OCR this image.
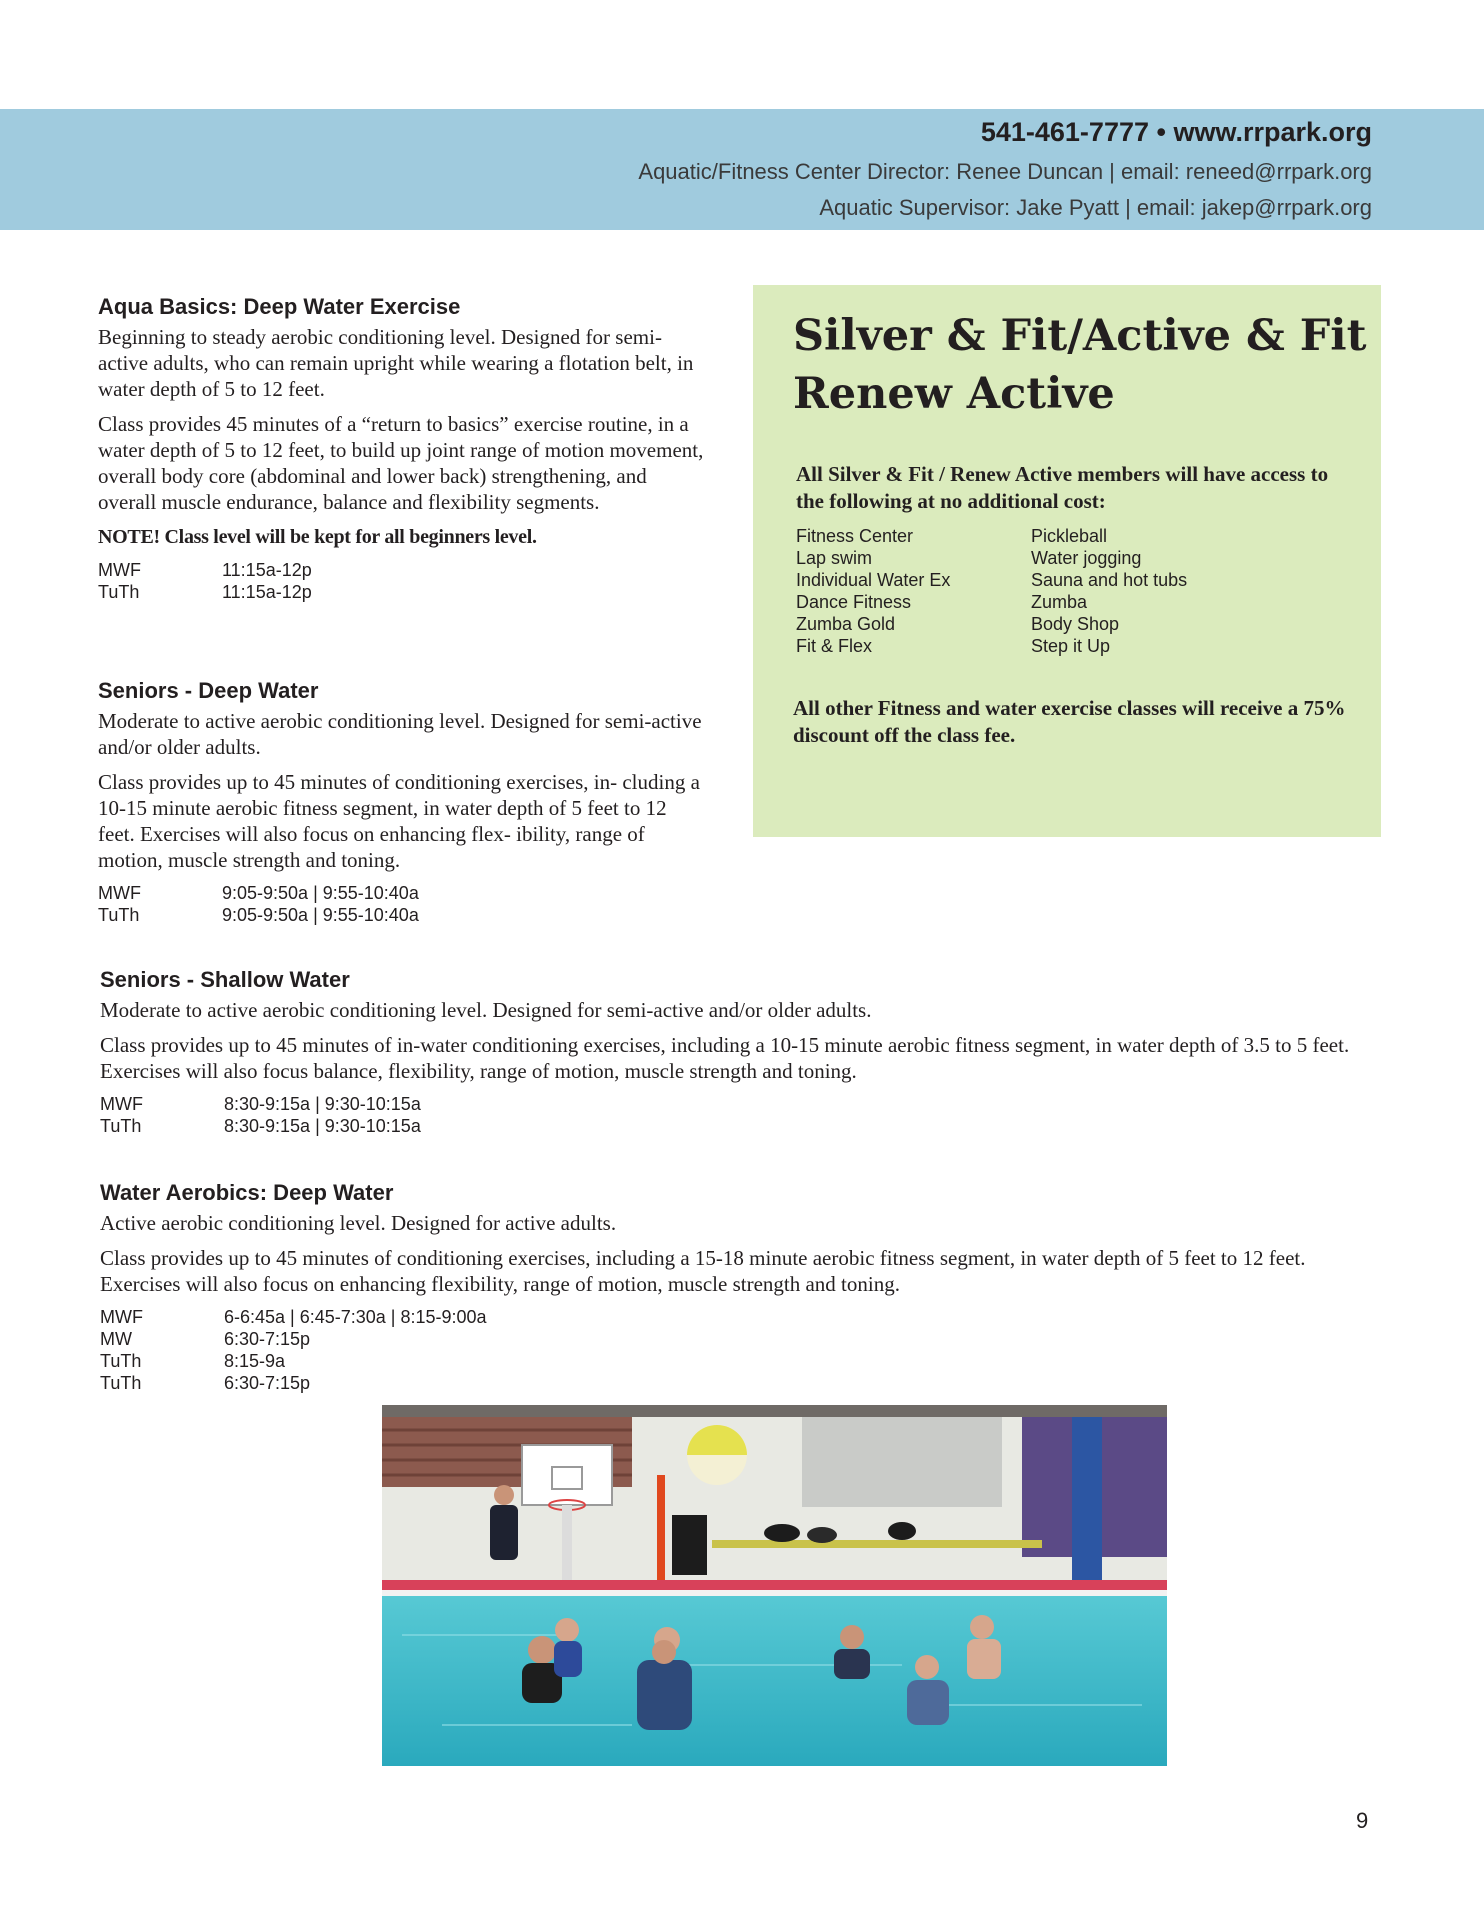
541-461-7777 • www.rrpark.org
Aquatic/Fitness Center Director: Renee Duncan | email: reneed@rrpark.org
Aquatic Supervisor: Jake Pyatt | email: jakep@rrpark.org
Aqua Basics: Deep Water Exercise

Beginning to steady aerobic conditioning level. Designed for semi-active adults, who can remain upright while wearing a flotation belt, in water depth of 5 to 12 feet.

Class provides 45 minutes of a “return to basics” exercise routine, in a water depth of 5 to 12 feet, to build up joint range of motion movement, overall body core (abdominal and lower back) strengthening, and overall muscle endurance, balance and flexibility segments.

NOTE! Class level will be kept for all beginners level.

MWF	11:15a-12p
TuTh	11:15a-12p
Seniors - Deep Water

Moderate to active aerobic conditioning level. Designed for semi-active and/or older adults.

Class provides up to 45 minutes of conditioning exercises, in- cluding a 10-15 minute aerobic fitness segment, in water depth of 5 feet to 12 feet. Exercises will also focus on enhancing flex- ibility, range of motion, muscle strength and toning.

MWF	9:05-9:50a | 9:55-10:40a
TuTh	9:05-9:50a | 9:55-10:40a
Seniors - Shallow Water

Moderate to active aerobic conditioning level. Designed for semi-active and/or older adults.

Class provides up to 45 minutes of in-water conditioning exercises, including a 10-15 minute aerobic fitness segment, in water depth of 3.5 to 5 feet. Exercises will also focus balance, flexibility, range of motion, muscle strength and toning.

MWF	8:30-9:15a | 9:30-10:15a
TuTh	8:30-9:15a | 9:30-10:15a
Water Aerobics: Deep Water

Active aerobic conditioning level. Designed for active adults.

Class provides up to 45 minutes of conditioning exercises, including a 15-18 minute aerobic fitness segment, in water depth of 5 feet to 12 feet. Exercises will also focus on enhancing flexibility, range of motion, muscle strength and toning.

MWF	6-6:45a | 6:45-7:30a | 8:15-9:00a
MW	6:30-7:15p
TuTh	8:15-9a
TuTh	6:30-7:15p
Silver & Fit/Active & Fit
Renew Active

All Silver & Fit / Renew Active members will have access to the following at no additional cost:

Fitness Center	Pickleball
Lap swim	Water jogging
Individual Water Ex	Sauna and hot tubs
Dance Fitness	Zumba
Zumba Gold	Body Shop
Fit & Flex	Step it Up

All other Fitness and water exercise classes will receive a 75% discount off the class fee.

9
